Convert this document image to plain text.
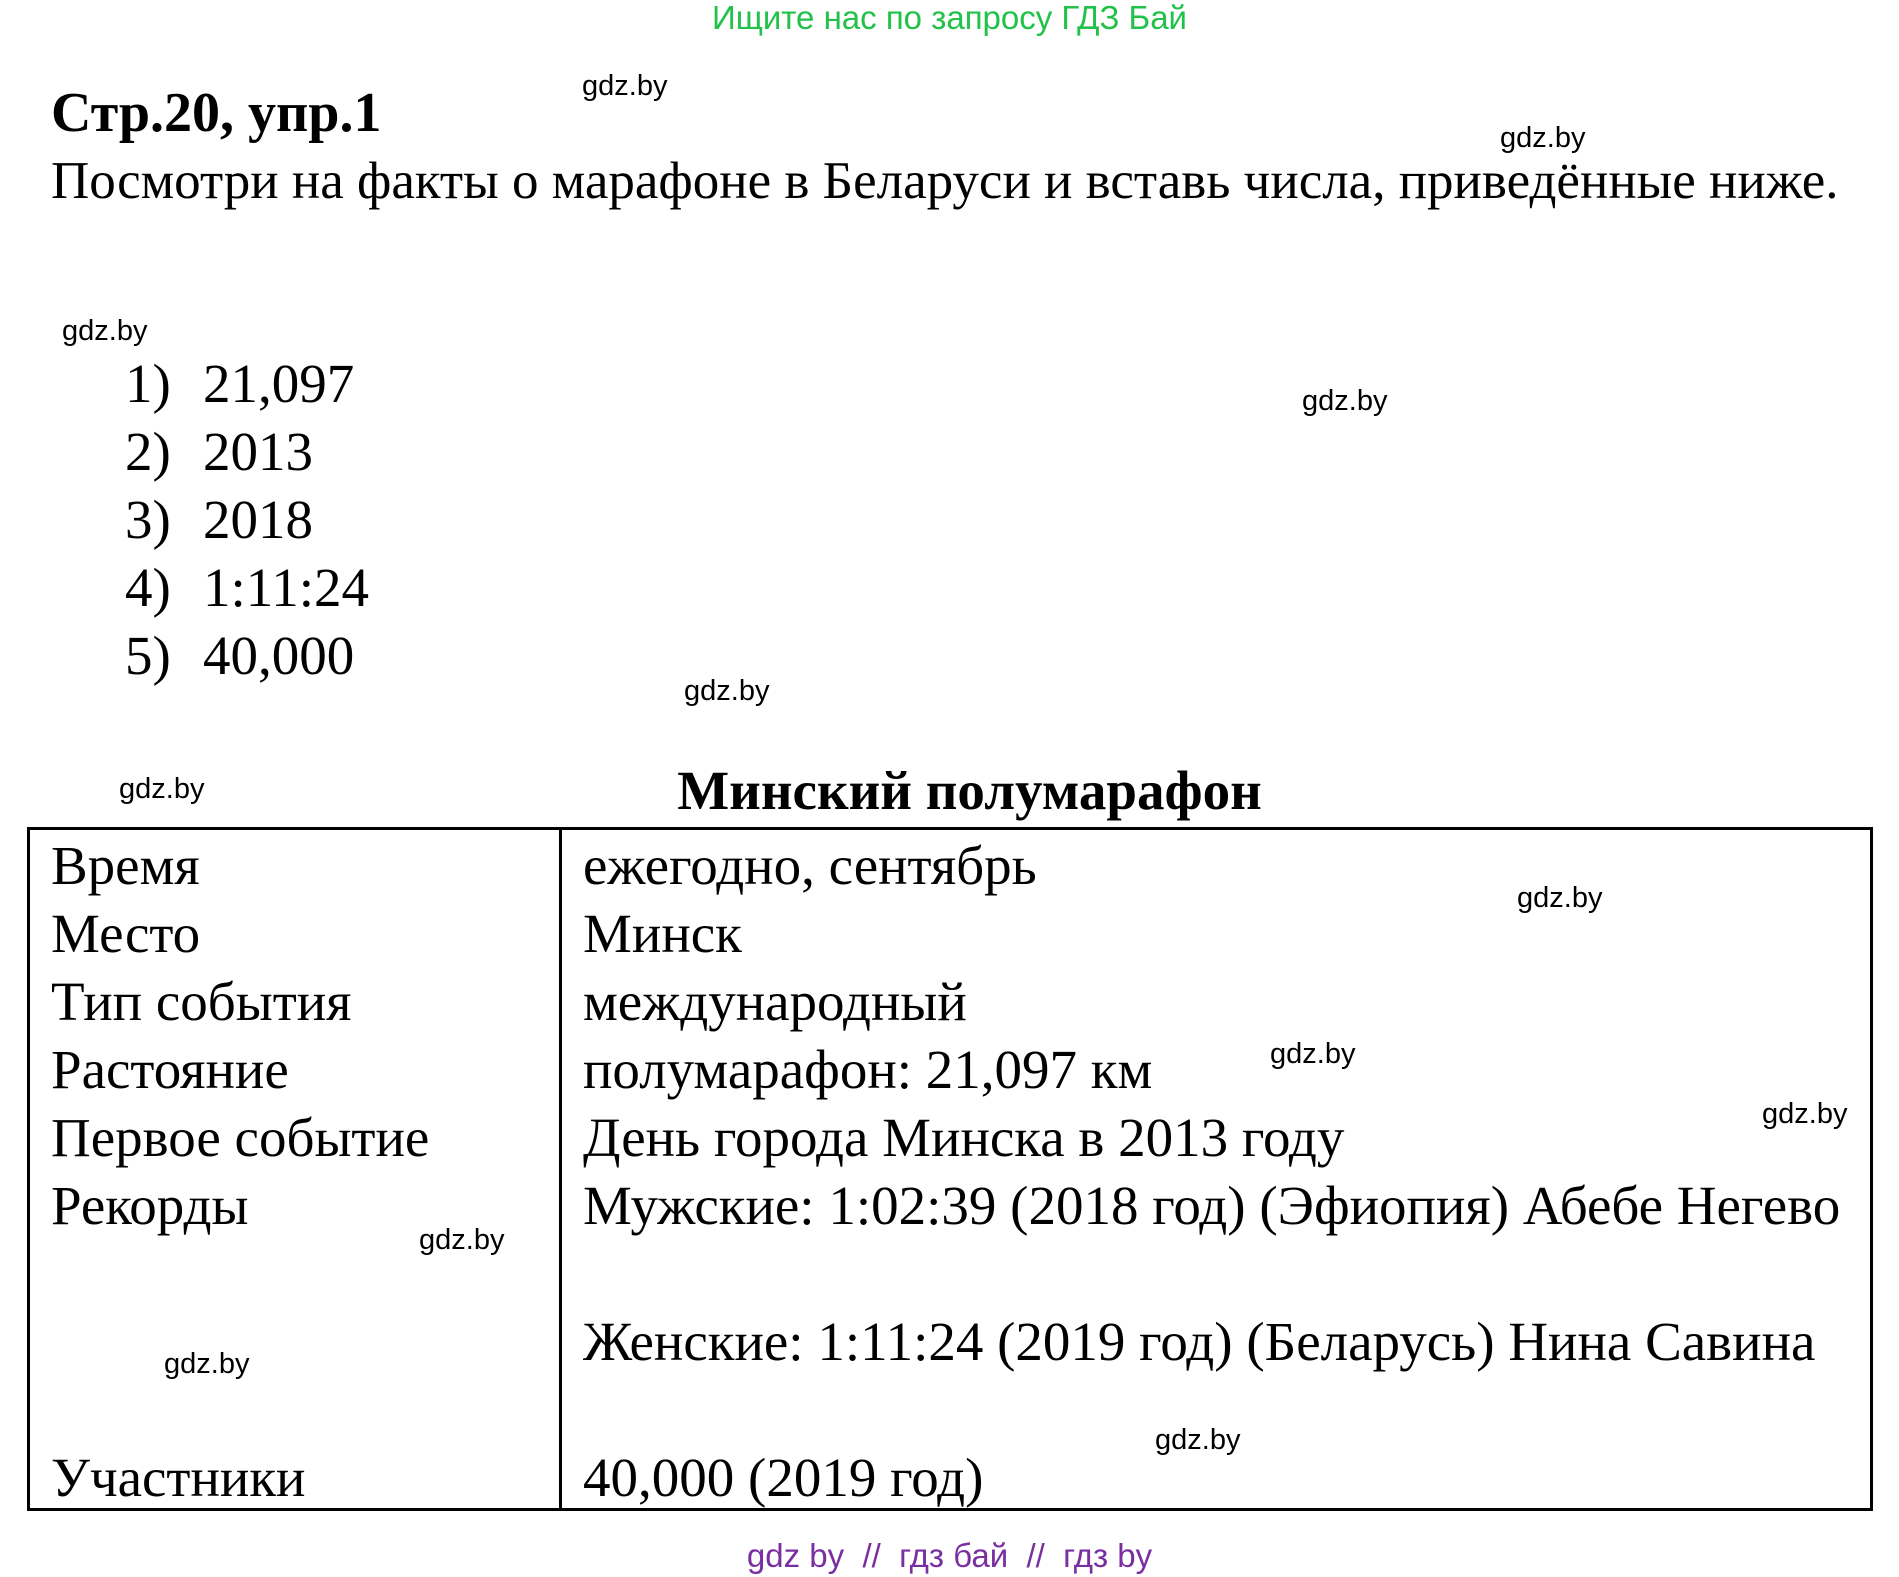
Ищите нас по запросу ГДЗ Бай
Стр.20, упр.1

Посмотри на факты о марафоне в Беларуси и вставь числа, приведённые ниже.

1) 21,097
2) 2013
3) 2018
4) 1:11:24
5) 40,000
Минский полумарафон
Время
Место
Тип события
Растояние
Первое событие
Рекорды
Участники
ежегодно, сентябрь
Минск
международный
полумарафон: 21,097 км
День города Минска в 2013 году
Мужские: 1:02:39 (2018 год) (Эфиопия) Абебе Негево
Женские: 1:11:24 (2019 год) (Беларусь) Нина Савина
40,000 (2019 год)
gdz.by
gdz.by
gdz.by
gdz.by
gdz.by
gdz.by
gdz.by
gdz.by
gdz.by
gdz.by
gdz.by
gdz.by
gdz by  //  гдз бай  //  гдз by
